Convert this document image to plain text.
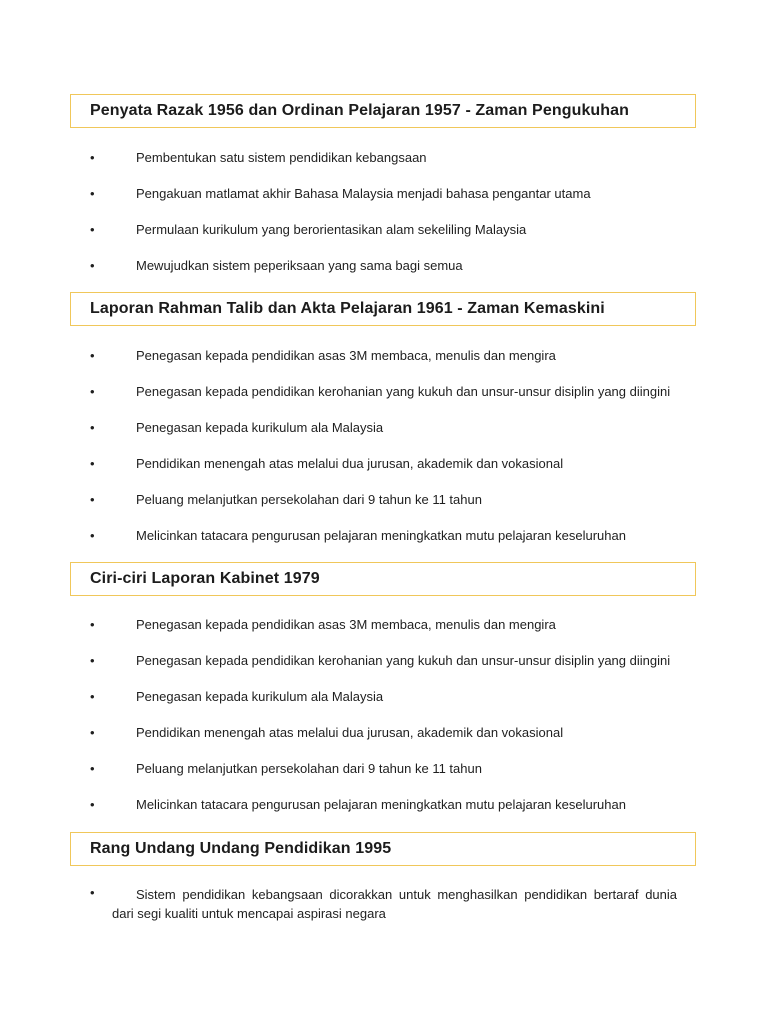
Penyata Razak 1956 dan Ordinan Pelajaran 1957 - Zaman Pengukuhan
•	Pembentukan satu sistem pendidikan kebangsaan
•	Pengakuan matlamat akhir Bahasa Malaysia menjadi bahasa pengantar utama
•	Permulaan kurikulum yang berorientasikan alam sekeliling Malaysia
•	Mewujudkan sistem peperiksaan yang sama bagi semua
Laporan Rahman Talib dan Akta Pelajaran 1961 - Zaman Kemaskini
•	Penegasan kepada pendidikan asas 3M membaca, menulis dan mengira
•	Penegasan kepada pendidikan kerohanian yang kukuh dan unsur-unsur disiplin yang diingini
•	Penegasan kepada kurikulum ala Malaysia
•	Pendidikan menengah atas melalui dua jurusan, akademik dan vokasional
•	Peluang melanjutkan persekolahan dari 9 tahun ke 11 tahun
•	Melicinkan tatacara pengurusan pelajaran meningkatkan mutu pelajaran keseluruhan
Ciri-ciri Laporan Kabinet 1979
•	Penegasan kepada pendidikan asas 3M membaca, menulis dan mengira
•	Penegasan kepada pendidikan kerohanian yang kukuh dan unsur-unsur disiplin yang diingini
•	Penegasan kepada kurikulum ala Malaysia
•	Pendidikan menengah atas melalui dua jurusan, akademik dan vokasional
•	Peluang melanjutkan persekolahan dari 9 tahun ke 11 tahun
•	Melicinkan tatacara pengurusan pelajaran meningkatkan mutu pelajaran keseluruhan
Rang Undang Undang Pendidikan 1995
•	Sistem pendidikan kebangsaan dicorakkan untuk menghasilkan pendidikan bertaraf dunia dari segi kualiti untuk mencapai aspirasi negara
